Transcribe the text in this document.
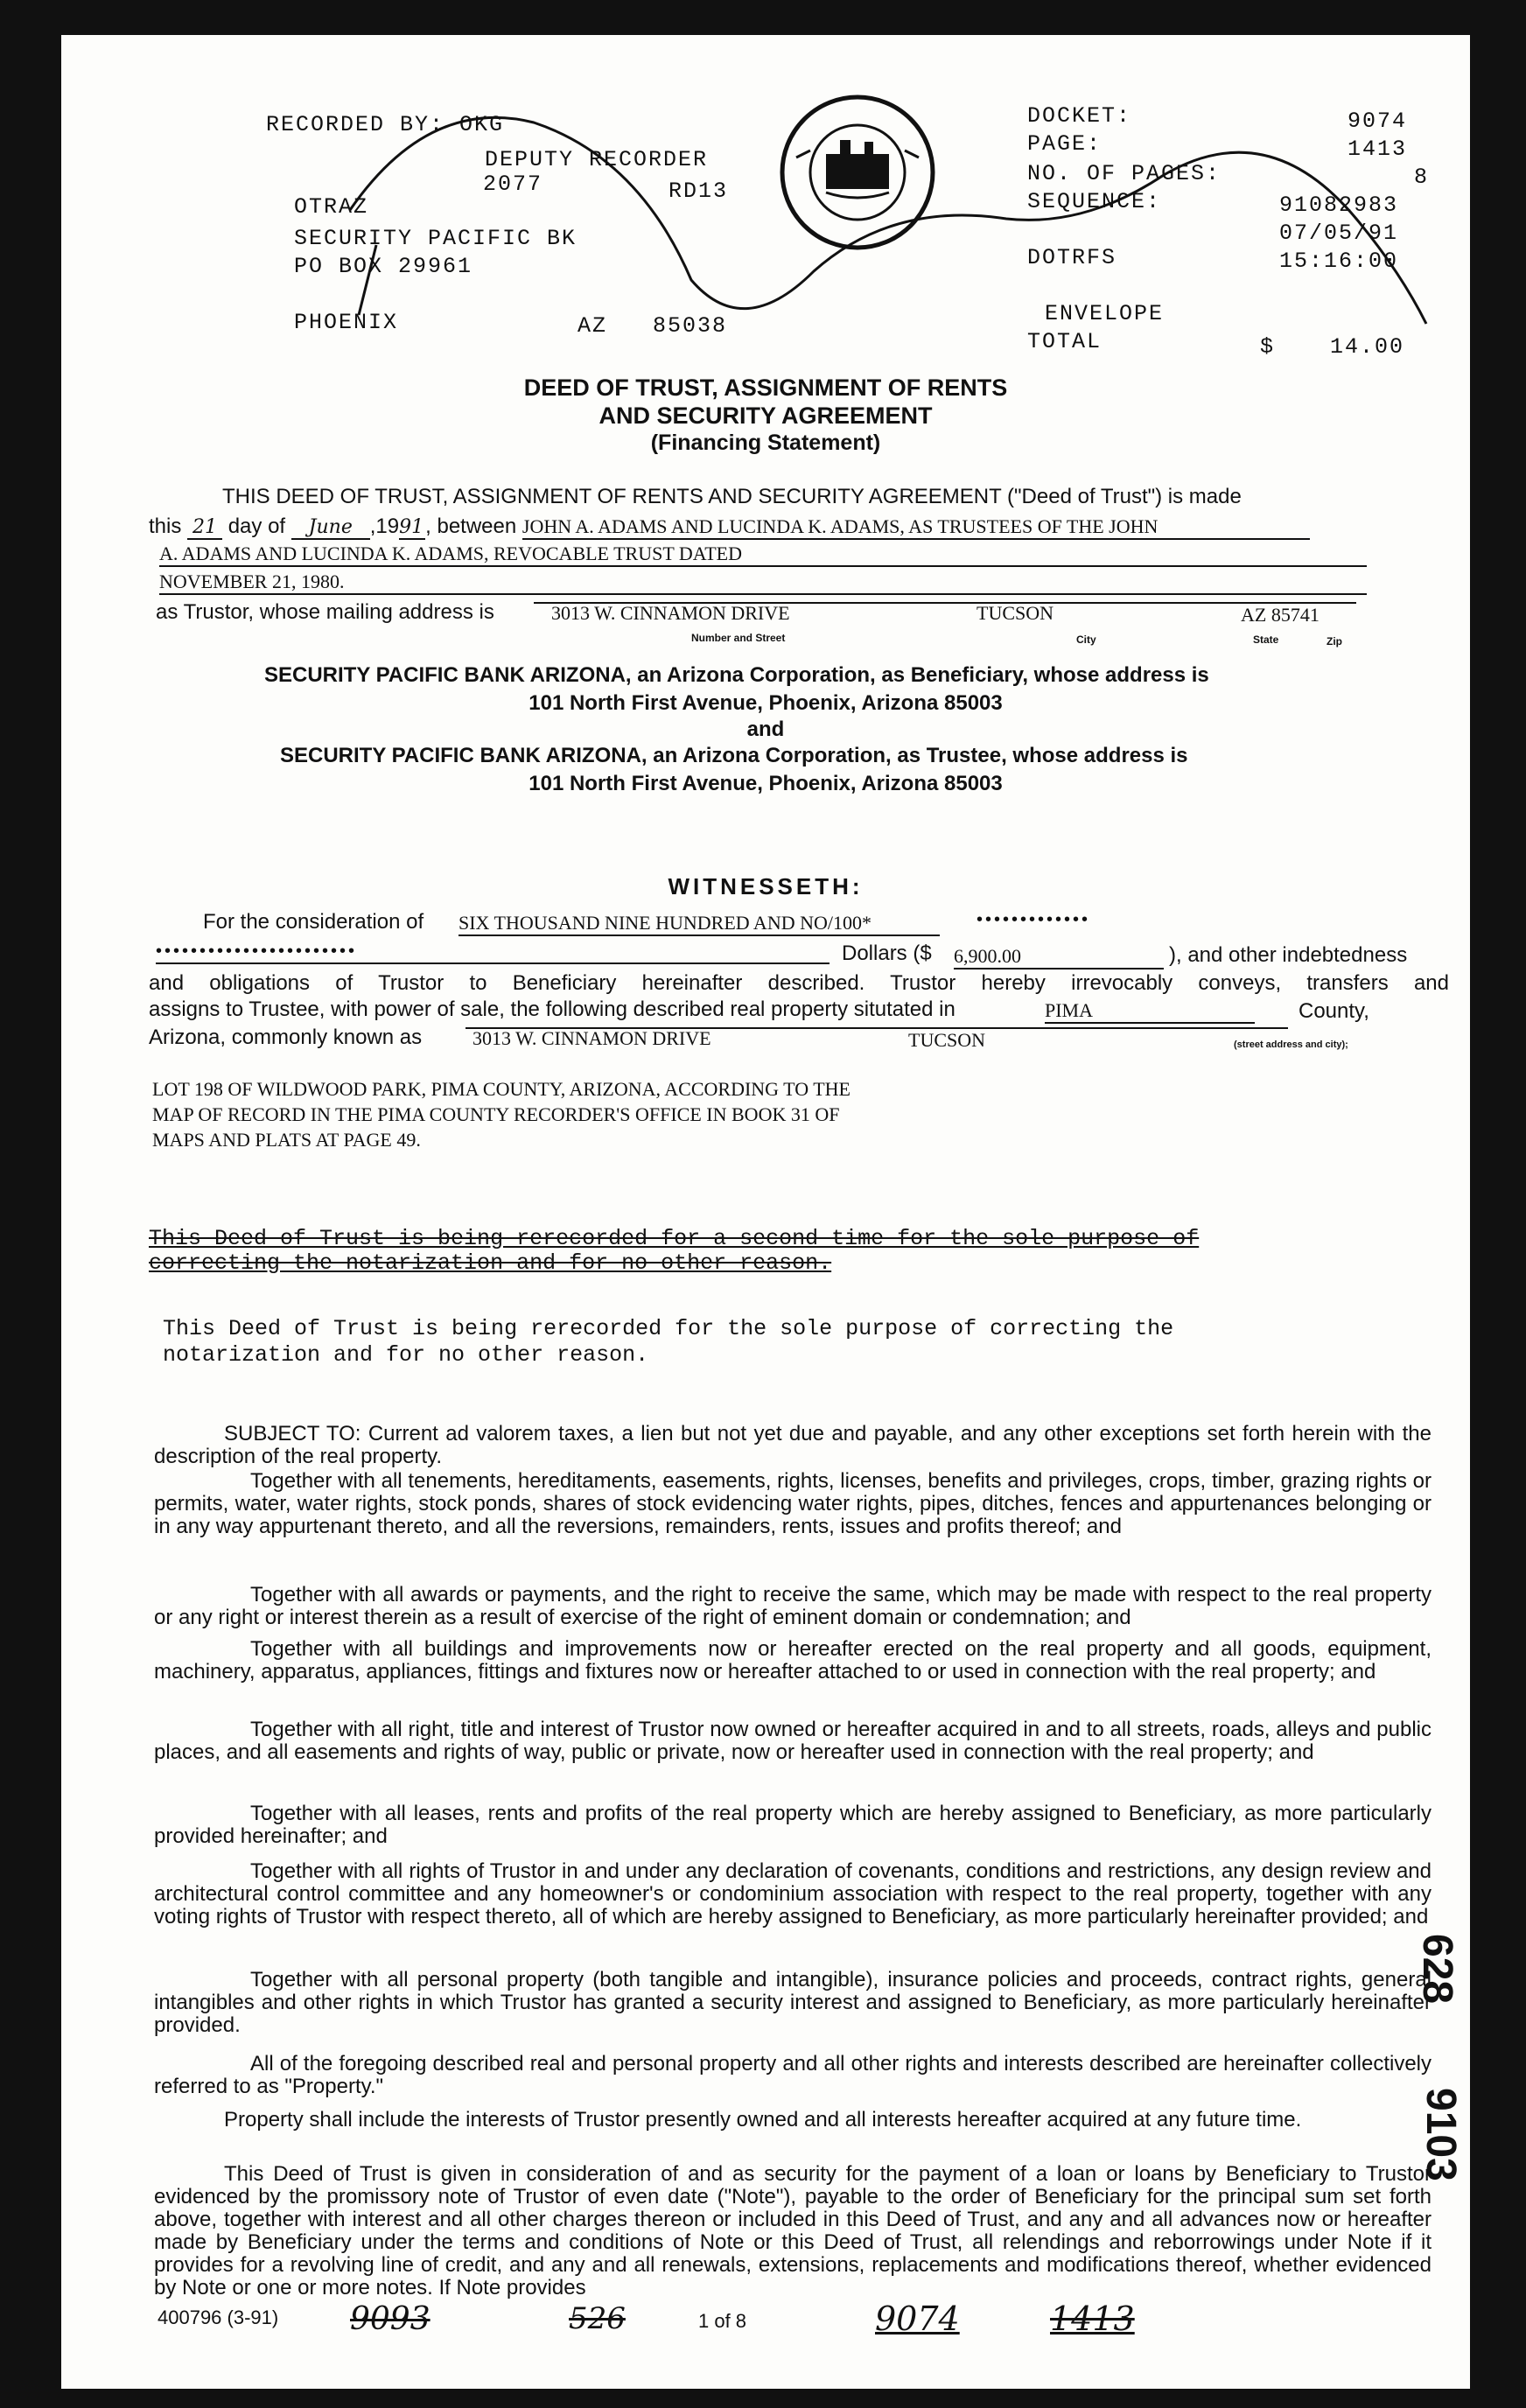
RECORDED BY: OKG
DEPUTY RECORDER
2077	RD13
OTRAZ
SECURITY PACIFIC BK
PO BOX 29961
PHOENIX	AZ 85038
DOCKET:	9074
PAGE:	1413
NO. OF PAGES:	8
SEQUENCE:	91082983
07/05/91
DOTRFS	15:16:00
ENVELOPE
TOTAL	$	14.00
DEED OF TRUST, ASSIGNMENT OF RENTS
AND SECURITY AGREEMENT
(Financing Statement)
THIS DEED OF TRUST, ASSIGNMENT OF RENTS AND SECURITY AGREEMENT ("Deed of Trust") is made
this 21 day of June ,1991, between JOHN A. ADAMS AND LUCINDA K. ADAMS, AS TRUSTEES OF THE JOHN
A. ADAMS AND LUCINDA K. ADAMS, REVOCABLE TRUST DATED
NOVEMBER 21, 1980.
as Trustor, whose mailing address is	3013 W. CINNAMON DRIVE	TUCSON	AZ 85741
Number and Street	City	State	Zip
SECURITY PACIFIC BANK ARIZONA, an Arizona Corporation, as Beneficiary, whose address is
101 North First Avenue, Phoenix, Arizona 85003
and
SECURITY PACIFIC BANK ARIZONA, an Arizona Corporation, as Trustee, whose address is
101 North First Avenue, Phoenix, Arizona 85003
WITNESSETH:
For the consideration of SIX THOUSAND NINE HUNDRED AND NO/100*	•••••••••••••
•••••••••••••••••••••••	Dollars ($ 6,900.00	), and other indebtedness
and obligations of Trustor to Beneficiary hereinafter described. Trustor hereby irrevocably conveys, transfers and
assigns to Trustee, with power of sale, the following described real property situtated in	PIMA	County,
Arizona, commonly known as	3013 W. CINNAMON DRIVE	TUCSON	(street address and city);
LOT 198 OF WILDWOOD PARK, PIMA COUNTY, ARIZONA, ACCORDING TO THE
MAP OF RECORD IN THE PIMA COUNTY RECORDER'S OFFICE IN BOOK 31 OF
MAPS AND PLATS AT PAGE 49.
This Deed of Trust is being rerecorded for a second time for the sole purpose of
correcting the notarization and for no other reason.
This Deed of Trust is being rerecorded for the sole purpose of correcting the
notarization and for no other reason.
SUBJECT TO: Current ad valorem taxes, a lien but not yet due and payable, and any other exceptions set forth herein with the description of the real property.
Together with all tenements, hereditaments, easements, rights, licenses, benefits and privileges, crops, timber, grazing rights or permits, water, water rights, stock ponds, shares of stock evidencing water rights, pipes, ditches, fences and appurtenances belonging or in any way appurtenant thereto, and all the reversions, remainders, rents, issues and profits thereof; and
Together with all awards or payments, and the right to receive the same, which may be made with respect to the real property or any right or interest therein as a result of exercise of the right of eminent domain or condemnation; and
Together with all buildings and improvements now or hereafter erected on the real property and all goods, equipment, machinery, apparatus, appliances, fittings and fixtures now or hereafter attached to or used in connection with the real property; and
Together with all right, title and interest of Trustor now owned or hereafter acquired in and to all streets, roads, alleys and public places, and all easements and rights of way, public or private, now or hereafter used in connection with the real property; and
Together with all leases, rents and profits of the real property which are hereby assigned to Beneficiary, as more particularly provided hereinafter; and
Together with all rights of Trustor in and under any declaration of covenants, conditions and restrictions, any design review and architectural control committee and any homeowner's or condominium association with respect to the real property, together with any voting rights of Trustor with respect thereto, all of which are hereby assigned to Beneficiary, as more particularly hereinafter provided; and
Together with all personal property (both tangible and intangible), insurance policies and proceeds, contract rights, general intangibles and other rights in which Trustor has granted a security interest and assigned to Beneficiary, as more particularly hereinafter provided.
All of the foregoing described real and personal property and all other rights and interests described are hereinafter collectively referred to as "Property."
Property shall include the interests of Trustor presently owned and all interests hereafter acquired at any future time.
This Deed of Trust is given in consideration of and as security for the payment of a loan or loans by Beneficiary to Trustor evidenced by the promissory note of Trustor of even date ("Note"), payable to the order of Beneficiary for the principal sum set forth above, together with interest and all other charges thereon or included in this Deed of Trust, and any and all advances now or hereafter made by Beneficiary under the terms and conditions of Note or this Deed of Trust, all relendings and reborrowings under Note if it provides for a revolving line of credit, and any and all renewals, extensions, replacements and modifications thereof, whether evidenced by Note or one or more notes. If Note provides
628
9103
400796 (3-91) 9093	526	1 of 8	9074	1413
